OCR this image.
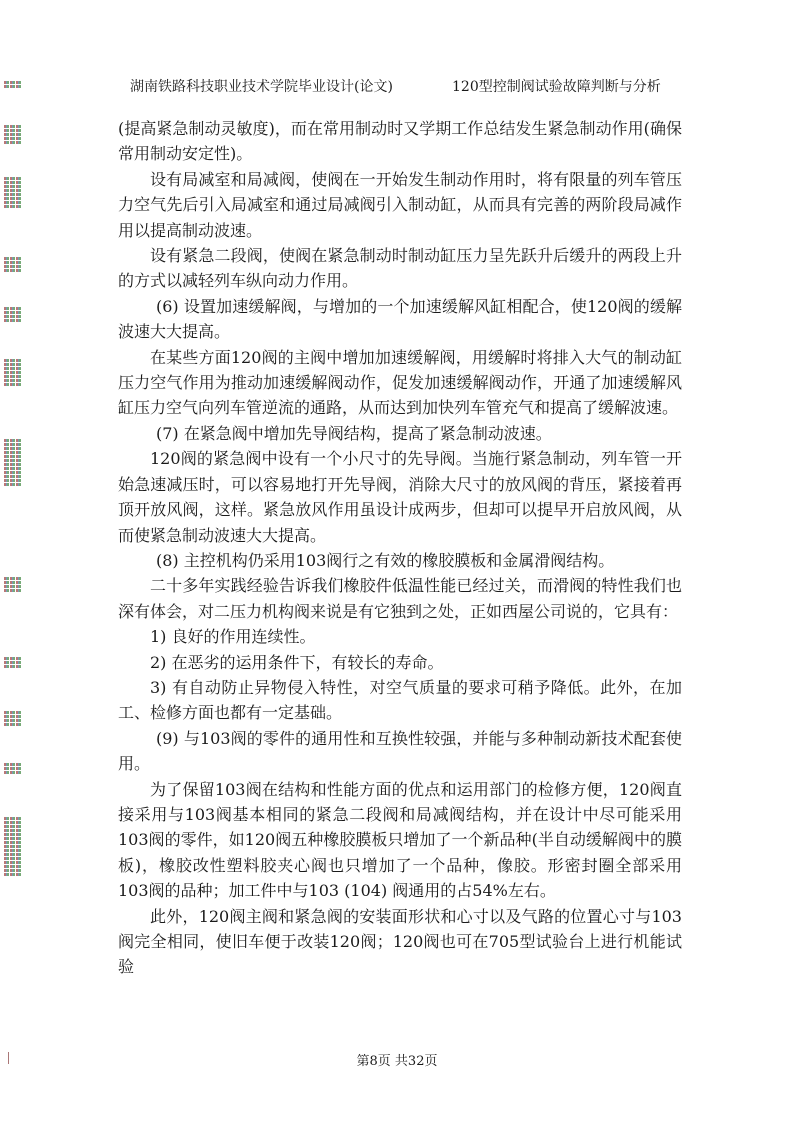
湖南铁路科技职业技术学院毕业设计(论文)	120型控制阀试验故障判断与分析

(提高紧急制动灵敏度)，而在常用制动时又学期工作总结发生紧急制动作用(确保常用制动安定性)。

设有局减室和局减阀，使阀在一开始发生制动作用时，将有限量的列车管压力空气先后引入局减室和通过局减阀引入制动缸，从而具有完善的两阶段局减作用以提高制动波速。

设有紧急二段阀，使阀在紧急制动时制动缸压力呈先跃升后缓升的两段上升的方式以减轻列车纵向动力作用。

(6) 设置加速缓解阀，与增加的一个加速缓解风缸相配合，使120阀的缓解波速大大提高。

在某些方面120阀的主阀中增加加速缓解阀，用缓解时将排入大气的制动缸压力空气作用为推动加速缓解阀动作，促发加速缓解阀动作，开通了加速缓解风缸压力空气向列车管逆流的通路，从而达到加快列车管充气和提高了缓解波速。

(7) 在紧急阀中增加先导阀结构，提高了紧急制动波速。

120阀的紧急阀中设有一个小尺寸的先导阀。当施行紧急制动，列车管一开始急速减压时，可以容易地打开先导阀，消除大尺寸的放风阀的背压，紧接着再顶开放风阀，这样。紧急放风作用虽设计成两步，但却可以提早开启放风阀，从而使紧急制动波速大大提高。

(8) 主控机构仍采用103阀行之有效的橡胶膜板和金属滑阀结构。

二十多年实践经验告诉我们橡胶件低温性能已经过关，而滑阀的特性我们也深有体会，对二压力机构阀来说是有它独到之处，正如西屋公司说的，它具有：

1) 良好的作用连续性。

2) 在恶劣的运用条件下，有较长的寿命。

3) 有自动防止异物侵入特性，对空气质量的要求可稍予降低。此外，在加工、检修方面也都有一定基础。

(9) 与103阀的零件的通用性和互换性较强，并能与多种制动新技术配套使用。

为了保留103阀在结构和性能方面的优点和运用部门的检修方便，120阀直接采用与103阀基本相同的紧急二段阀和局减阀结构，并在设计中尽可能采用103阀的零件，如120阀五种橡胶膜板只增加了一个新品种(半自动缓解阀中的膜板)，橡胶改性塑料胶夹心阀也只增加了一个品种，像胶。形密封圈全部采用103阀的品种；加工件中与103 (104) 阀通用的占54%左右。

此外，120阀主阀和紧急阀的安装面形状和心寸以及气路的位置心寸与103阀完全相同，使旧车便于改装120阀；120阀也可在705型试验台上进行机能试验

第8页 共32页
